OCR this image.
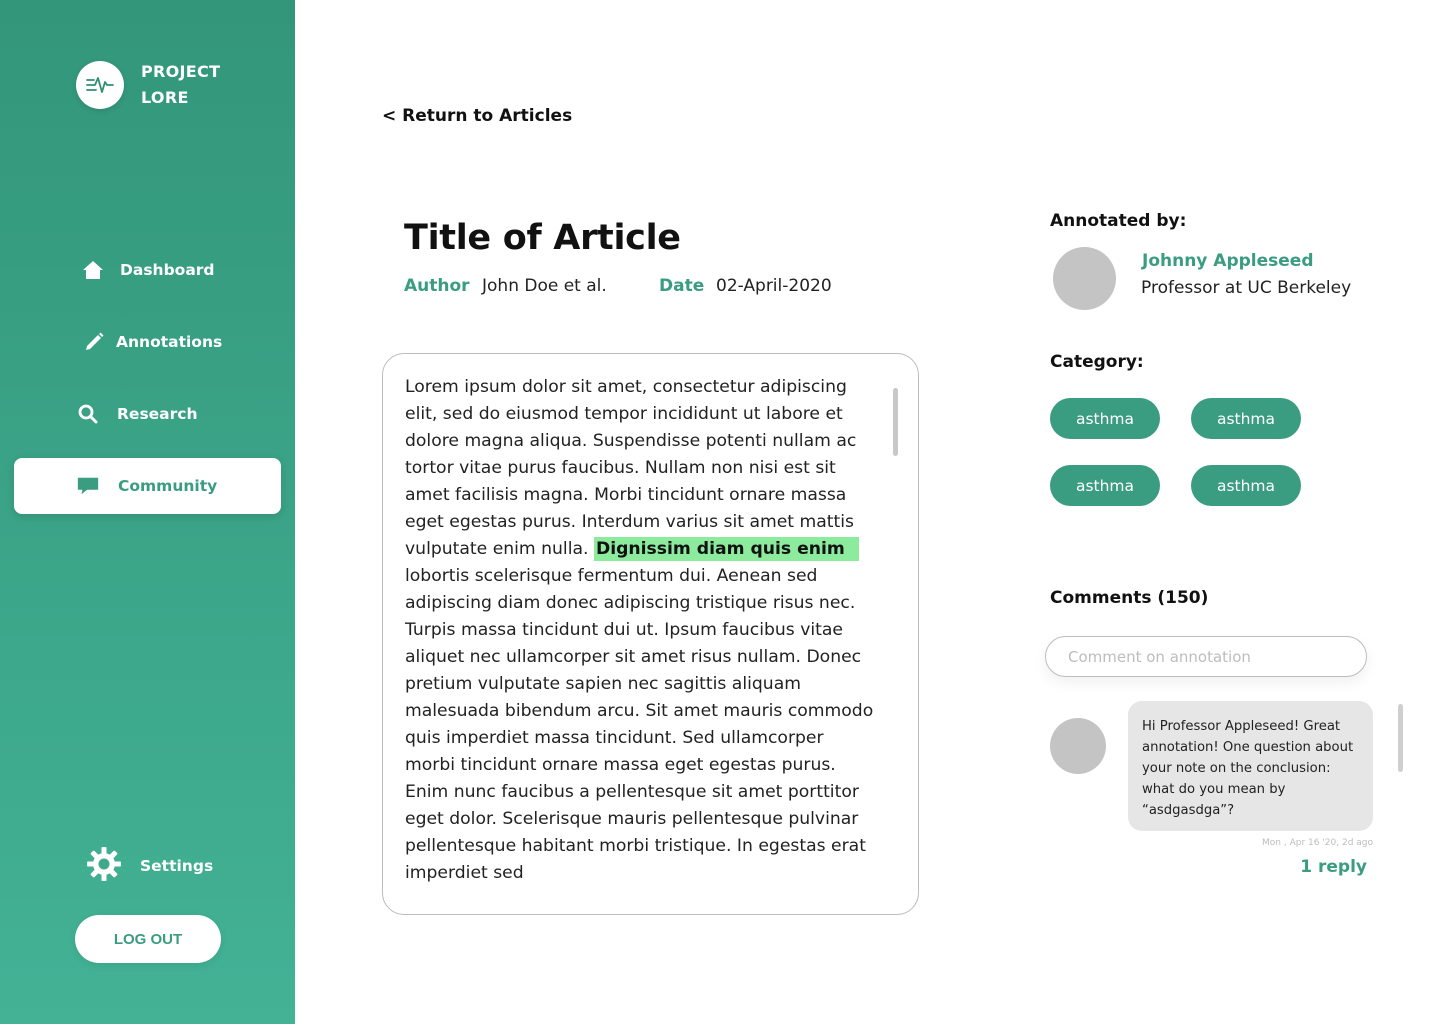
PROJECT
LORE
Dashboard
Annotations
Research
Community
Settings
LOG OUT
< Return to Articles
Title of Article
Author John Doe et al.	Date 02-April-2020

Lorem ipsum dolor sit amet, consectetur adipiscing elit, sed do eiusmod tempor incididunt ut labore et dolore magna aliqua. Suspendisse potenti nullam ac tortor vitae purus faucibus. Nullam non nisi est sit amet facilisis magna. Morbi tincidunt ornare massa eget egestas purus. Interdum varius sit amet mattis vulputate enim nulla. Dignissim diam quis enim lobortis scelerisque fermentum dui. Aenean sed adipiscing diam donec adipiscing tristique risus nec. Turpis massa tincidunt dui ut. Ipsum faucibus vitae aliquet nec ullamcorper sit amet risus nullam. Donec pretium vulputate sapien nec sagittis aliquam malesuada bibendum arcu. Sit amet mauris commodo quis imperdiet massa tincidunt. Sed ullamcorper morbi tincidunt ornare massa eget egestas purus. Enim nunc faucibus a pellentesque sit amet porttitor eget dolor. Scelerisque mauris pellentesque pulvinar pellentesque habitant morbi tristique. In egestas erat imperdiet sed

Annotated by:
Johnny Appleseed
Professor at UC Berkeley
Category:
asthma	asthma
asthma	asthma
Comments (150)
Comment on annotation
Hi Professor Appleseed! Great annotation! One question about your note on the conclusion: what do you mean by “asdgasdga”?
Mon , Apr 16 '20, 2d ago
1 reply
